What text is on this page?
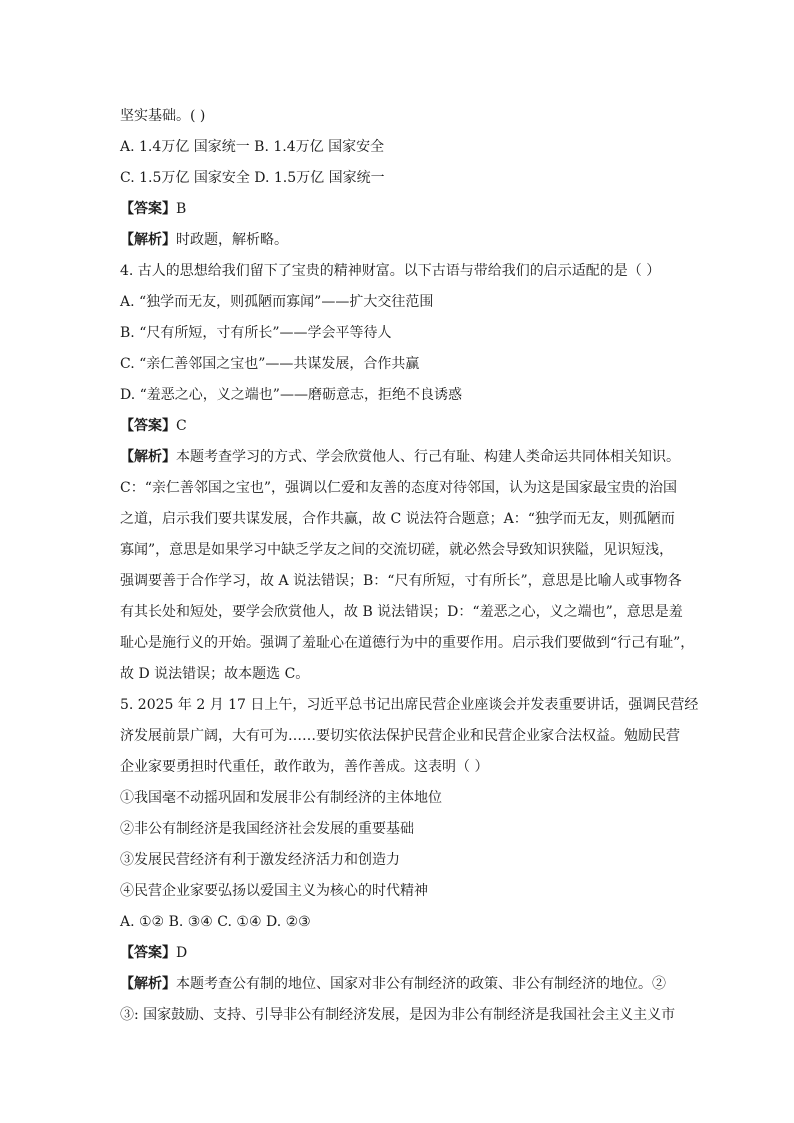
坚实基础。( )
A. 1.4万亿 国家统一 B. 1.4万亿 国家安全
C. 1.5万亿 国家安全 D. 1.5万亿 国家统一
【答案】B
【解析】时政题，解析略。
4. 古人的思想给我们留下了宝贵的精神财富。以下古语与带给我们的启示适配的是（ ）
A. “独学而无友，则孤陋而寡闻”——扩大交往范围
B. “尺有所短，寸有所长”——学会平等待人
C. “亲仁善邻国之宝也”——共谋发展，合作共赢
D. “羞恶之心，义之端也”——磨砺意志，拒绝不良诱惑
【答案】C
【解析】本题考查学习的方式、学会欣赏他人、行己有耻、构建人类命运共同体相关知识。
C：“亲仁善邻国之宝也”，强调以仁爱和友善的态度对待邻国，认为这是国家最宝贵的治国
之道，启示我们要共谋发展，合作共赢，故 C 说法符合题意；A：“独学而无友，则孤陋而
寡闻”，意思是如果学习中缺乏学友之间的交流切磋，就必然会导致知识狭隘，见识短浅，
强调要善于合作学习，故 A 说法错误；B：“尺有所短，寸有所长”，意思是比喻人或事物各
有其长处和短处，要学会欣赏他人，故 B 说法错误；D：“羞恶之心，义之端也”，意思是羞
耻心是施行义的开始。强调了羞耻心在道德行为中的重要作用。启示我们要做到“行己有耻”，
故 D 说法错误；故本题选 C。
5. 2025 年 2 月 17 日上午，习近平总书记出席民营企业座谈会并发表重要讲话，强调民营经
济发展前景广阔，大有可为……要切实依法保护民营企业和民营企业家合法权益。勉励民营
企业家要勇担时代重任，敢作敢为，善作善成。这表明（ ）
①我国毫不动摇巩固和发展非公有制经济的主体地位
②非公有制经济是我国经济社会发展的重要基础
③发展民营经济有利于激发经济活力和创造力
④民营企业家要弘扬以爱国主义为核心的时代精神
A. ①② B. ③④ C. ①④ D. ②③
【答案】D
【解析】本题考查公有制的地位、国家对非公有制经济的政策、非公有制经济的地位。②
③: 国家鼓励、支持、引导非公有制经济发展，是因为非公有制经济是我国社会主义主义市
